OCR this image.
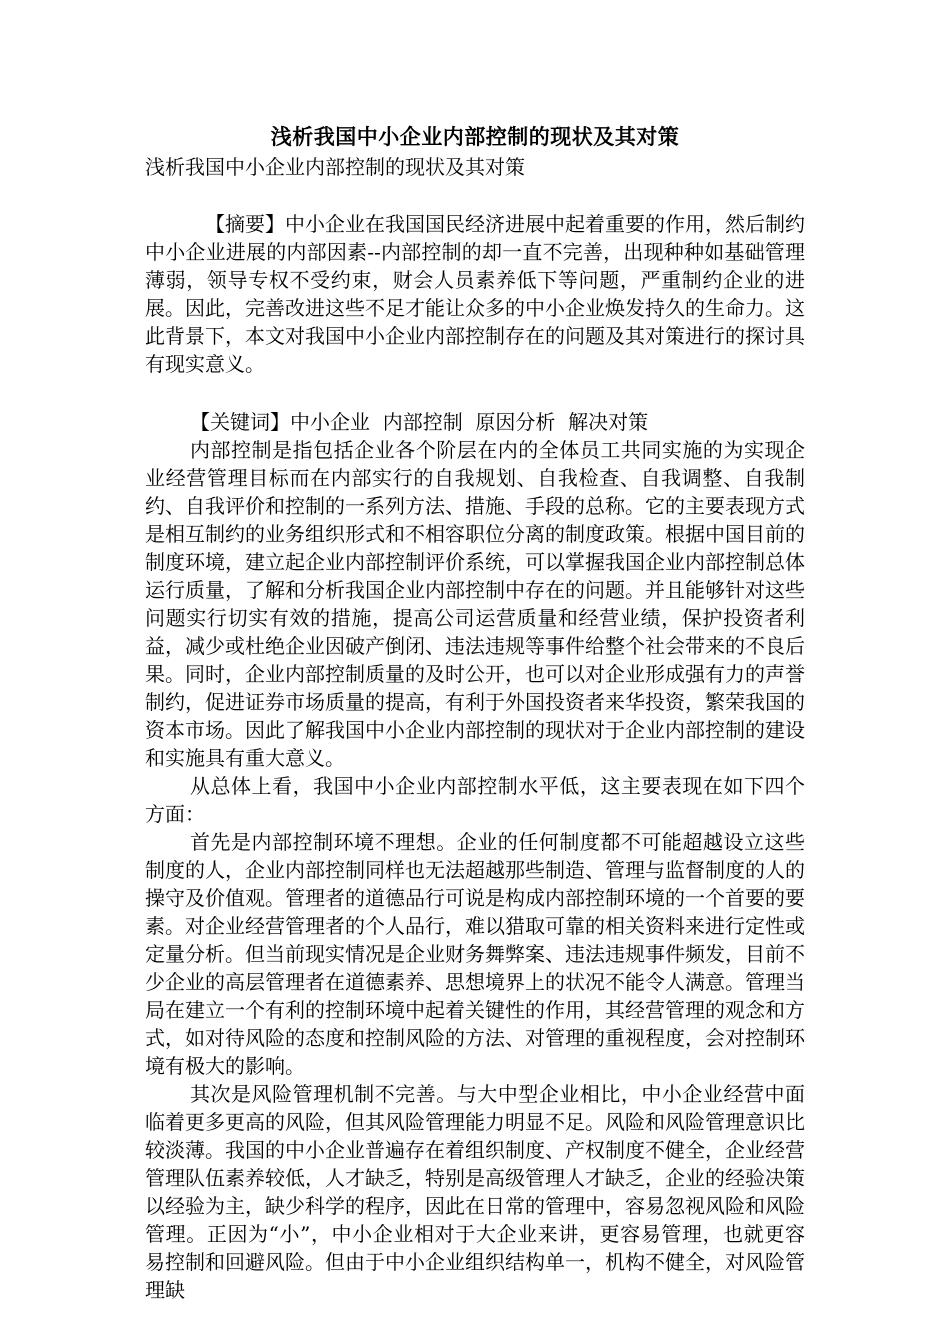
浅析我国中小企业内部控制的现状及其对策

浅析我国中小企业内部控制的现状及其对策

【摘要】中小企业在我国国民经济进展中起着重要的作用，然后制约中小企业进展的内部因素--内部控制的却一直不完善，出现种种如基础管理薄弱，领导专权不受约束，财会人员素养低下等问题，严重制约企业的进展。因此，完善改进这些不足才能让众多的中小企业焕发持久的生命力。这此背景下，本文对我国中小企业内部控制存在的问题及其对策进行的探讨具有现实意义。

【关键词】中小企业  内部控制  原因分析  解决对策

内部控制是指包括企业各个阶层在内的全体员工共同实施的为实现企业经营管理目标而在内部实行的自我规划、自我检查、自我调整、自我制约、自我评价和控制的一系列方法、措施、手段的总称。它的主要表现方式是相互制约的业务组织形式和不相容职位分离的制度政策。根据中国目前的制度环境，建立起企业内部控制评价系统，可以掌握我国企业内部控制总体运行质量，了解和分析我国企业内部控制中存在的问题。并且能够针对这些问题实行切实有效的措施，提高公司运营质量和经营业绩，保护投资者利益，减少或杜绝企业因破产倒闭、违法违规等事件给整个社会带来的不良后果。同时，企业内部控制质量的及时公开，也可以对企业形成强有力的声誉制约，促进证券市场质量的提高，有利于外国投资者来华投资，繁荣我国的资本市场。因此了解我国中小企业内部控制的现状对于企业内部控制的建设和实施具有重大意义。

从总体上看，我国中小企业内部控制水平低，这主要表现在如下四个方面：

首先是内部控制环境不理想。企业的任何制度都不可能超越设立这些制度的人，企业内部控制同样也无法超越那些制造、管理与监督制度的人的操守及价值观。管理者的道德品行可说是构成内部控制环境的一个首要的要素。对企业经营管理者的个人品行，难以猎取可靠的相关资料来进行定性或定量分析。但当前现实情况是企业财务舞弊案、违法违规事件频发，目前不少企业的高层管理者在道德素养、思想境界上的状况不能令人满意。管理当局在建立一个有利的控制环境中起着关键性的作用，其经营管理的观念和方式，如对待风险的态度和控制风险的方法、对管理的重视程度，会对控制环境有极大的影响。

其次是风险管理机制不完善。与大中型企业相比，中小企业经营中面临着更多更高的风险，但其风险管理能力明显不足。风险和风险管理意识比较淡薄。我国的中小企业普遍存在着组织制度、产权制度不健全，企业经营管理队伍素养较低，人才缺乏，特别是高级管理人才缺乏，企业的经验决策以经验为主，缺少科学的程序，因此在日常的管理中，容易忽视风险和风险管理。正因为“小”，中小企业相对于大企业来讲，更容易管理，也就更容易控制和回避风险。但由于中小企业组织结构单一，机构不健全，对风险管理缺
